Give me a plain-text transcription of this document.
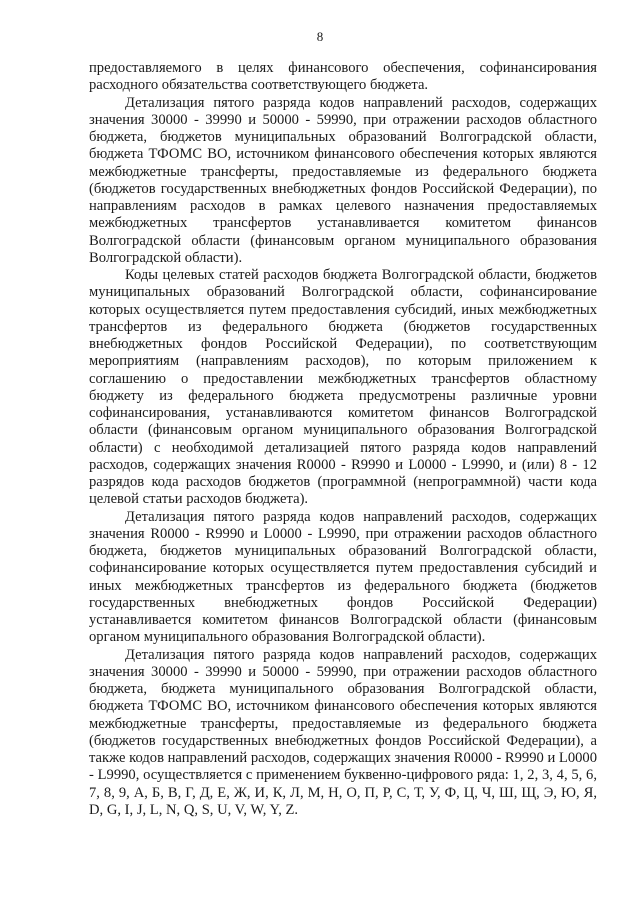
8

предоставляемого в целях финансового обеспечения, софинансирования расходного обязательства соответствующего бюджета.

Детализация пятого разряда кодов направлений расходов, содержащих значения 30000 - 39990 и 50000 - 59990, при отражении расходов областного бюджета, бюджетов муниципальных образований Волгоградской области, бюджета ТФОМС ВО, источником финансового обеспечения которых являются межбюджетные трансферты, предоставляемые из федерального бюджета (бюджетов государственных внебюджетных фондов Российской Федерации), по направлениям расходов в рамках целевого назначения предоставляемых межбюджетных трансфертов устанавливается комитетом финансов Волгоградской области (финансовым органом муниципального образования Волгоградской области).

Коды целевых статей расходов бюджета Волгоградской области, бюджетов муниципальных образований Волгоградской области, софинансирование которых осуществляется путем предоставления субсидий, иных межбюджетных трансфертов из федерального бюджета (бюджетов государственных внебюджетных фондов Российской Федерации), по соответствующим мероприятиям (направлениям расходов), по которым приложением к соглашению о предоставлении межбюджетных трансфертов областному бюджету из федерального бюджета предусмотрены различные уровни софинансирования, устанавливаются комитетом финансов Волгоградской области (финансовым органом муниципального образования Волгоградской области) с необходимой детализацией пятого разряда кодов направлений расходов, содержащих значения R0000 - R9990 и L0000 - L9990, и (или) 8 - 12 разрядов кода расходов бюджетов (программной (непрограммной) части кода целевой статьи расходов бюджета).

Детализация пятого разряда кодов направлений расходов, содержащих значения R0000 - R9990 и L0000 - L9990, при отражении расходов областного бюджета, бюджетов муниципальных образований Волгоградской области, софинансирование которых осуществляется путем предоставления субсидий и иных межбюджетных трансфертов из федерального бюджета (бюджетов государственных внебюджетных фондов Российской Федерации) устанавливается комитетом финансов Волгоградской области (финансовым органом муниципального образования Волгоградской области).

Детализация пятого разряда кодов направлений расходов, содержащих значения 30000 - 39990 и 50000 - 59990, при отражении расходов областного бюджета, бюджета муниципального образования Волгоградской области, бюджета ТФОМС ВО, источником финансового обеспечения которых являются межбюджетные трансферты, предоставляемые из федерального бюджета (бюджетов государственных внебюджетных фондов Российской Федерации), а также кодов направлений расходов, содержащих значения R0000 - R9990 и L0000 - L9990, осуществляется с применением буквенно-цифрового ряда: 1, 2, 3, 4, 5, 6, 7, 8, 9, А, Б, В, Г, Д, Е, Ж, И, К, Л, М, Н, О, П, Р, С, Т, У, Ф, Ц, Ч, Ш, Щ, Э, Ю, Я, D, G, I, J, L, N, Q, S, U, V, W, Y, Z.
